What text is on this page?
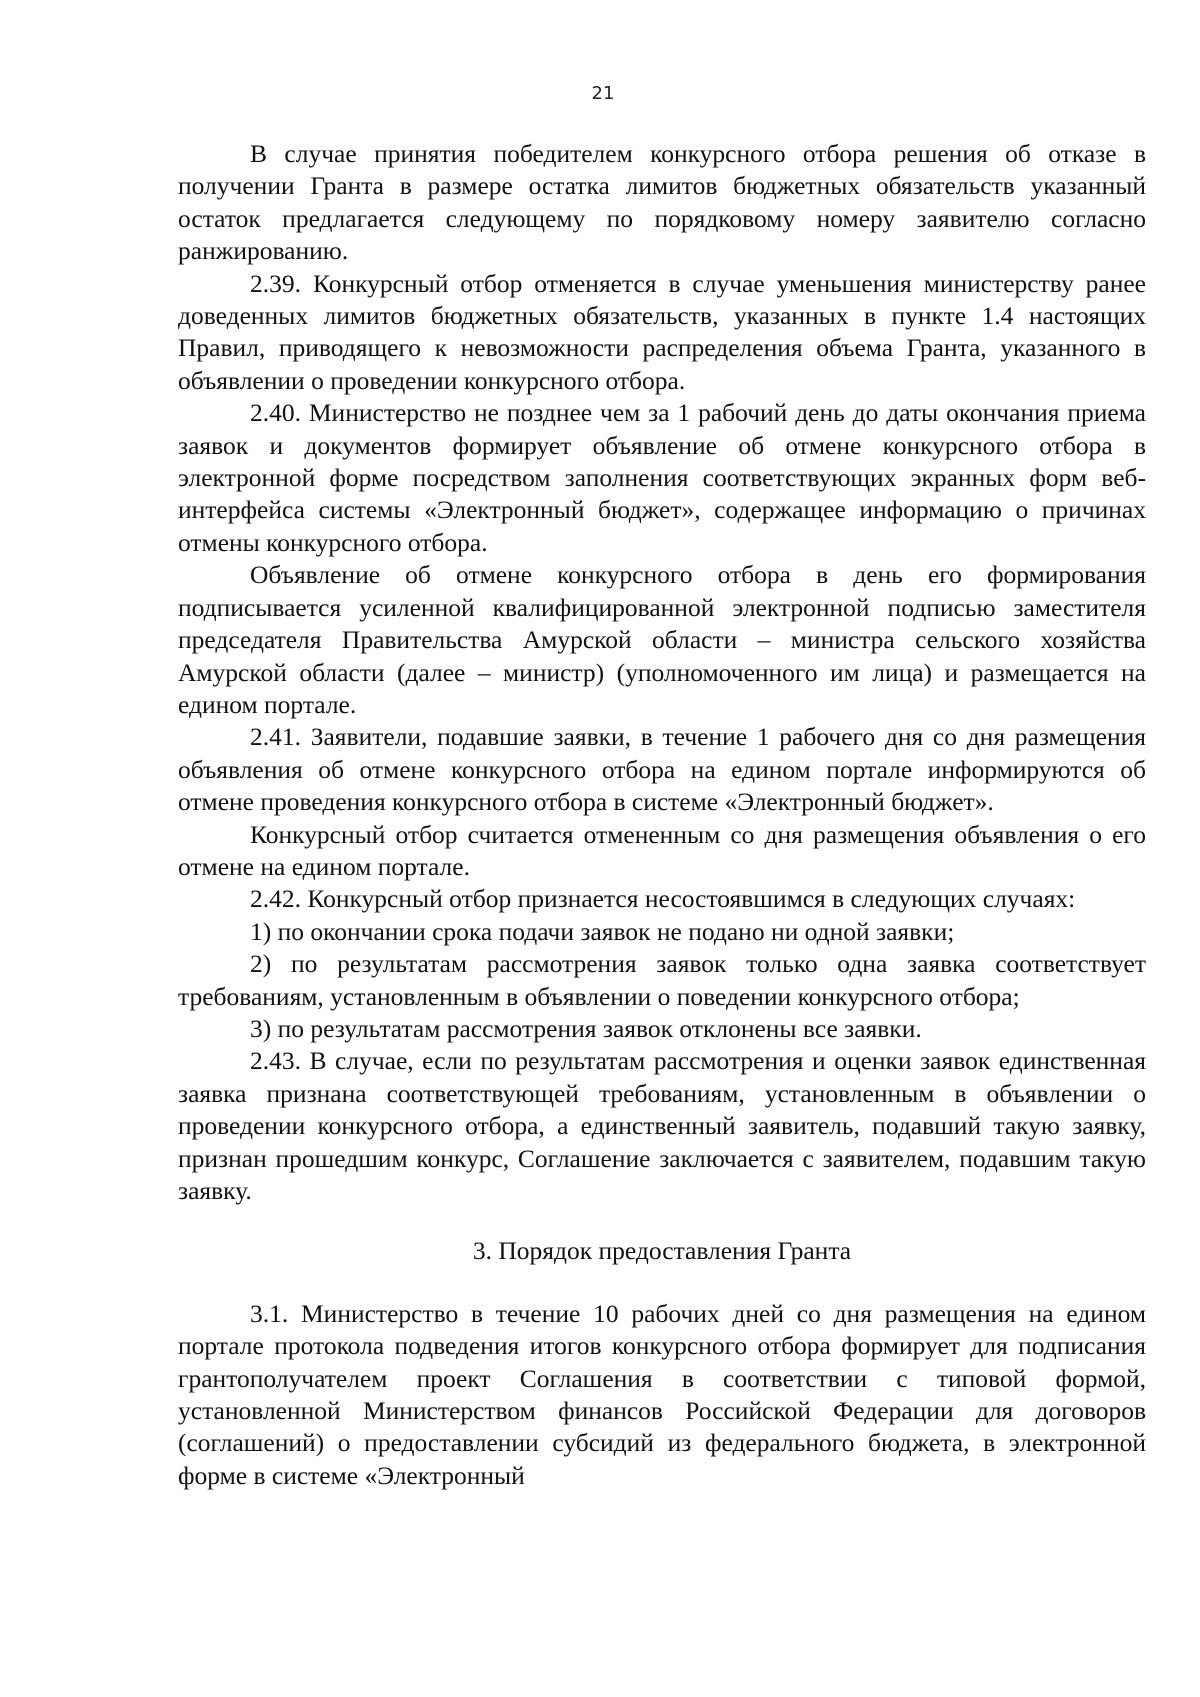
21

В случае принятия победителем конкурсного отбора решения об отказе в получении Гранта в размере остатка лимитов бюджетных обязательств указанный остаток предлагается следующему по порядковому номеру заявителю согласно ранжированию.

2.39. Конкурсный отбор отменяется в случае уменьшения министерству ранее доведенных лимитов бюджетных обязательств, указанных в пункте 1.4 настоящих Правил, приводящего к невозможности распределения объема Гранта, указанного в объявлении о проведении конкурсного отбора.

2.40. Министерство не позднее чем за 1 рабочий день до даты окончания приема заявок и документов формирует объявление об отмене конкурсного отбора в электронной форме посредством заполнения соответствующих экранных форм веб-интерфейса системы «Электронный бюджет», содержащее информацию о причинах отмены конкурсного отбора.

Объявление об отмене конкурсного отбора в день его формирования подписывается усиленной квалифицированной электронной подписью заместителя председателя Правительства Амурской области – министра сельского хозяйства Амурской области (далее – министр) (уполномоченного им лица) и размещается на едином портале.

2.41. Заявители, подавшие заявки, в течение 1 рабочего дня со дня размещения объявления об отмене конкурсного отбора на едином портале информируются об отмене проведения конкурсного отбора в системе «Электронный бюджет».

Конкурсный отбор считается отмененным со дня размещения объявления о его отмене на едином портале.

2.42. Конкурсный отбор признается несостоявшимся в следующих случаях:

1) по окончании срока подачи заявок не подано ни одной заявки;

2) по результатам рассмотрения заявок только одна заявка соответствует требованиям, установленным в объявлении о поведении конкурсного отбора;

3) по результатам рассмотрения заявок отклонены все заявки.

2.43. В случае, если по результатам рассмотрения и оценки заявок единственная заявка признана соответствующей требованиям, установленным в объявлении о проведении конкурсного отбора, а единственный заявитель, подавший такую заявку, признан прошедшим конкурс, Соглашение заключается с заявителем, подавшим такую заявку.

3. Порядок предоставления Гранта

3.1. Министерство в течение 10 рабочих дней со дня размещения на едином портале протокола подведения итогов конкурсного отбора формирует для подписания грантополучателем проект Соглашения в соответствии с типовой формой, установленной Министерством финансов Российской Федерации для договоров (соглашений) о предоставлении субсидий из федерального бюджета, в электронной форме в системе «Электронный
